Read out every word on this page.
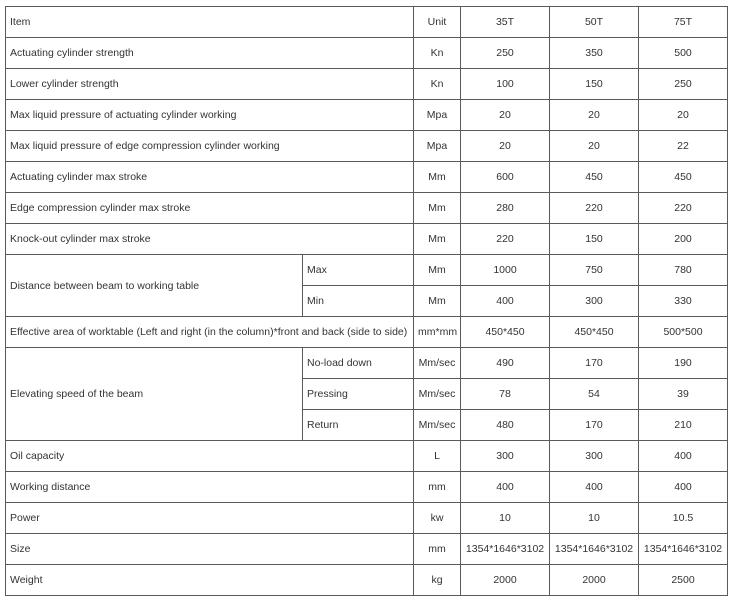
Item		Unit	35T	50T	75T
Actuating cylinder strength		Kn	250	350	500
Lower cylinder strength		Kn	100	150	250
Max liquid pressure of actuating cylinder working		Mpa	20	20	20
Max liquid pressure of edge compression cylinder working		Mpa	20	20	22
Actuating cylinder max stroke		Mm	600	450	450
Edge compression cylinder max stroke		Mm	280	220	220
Knock-out cylinder max stroke		Mm	220	150	200
Distance between beam to working table	Max	Mm	1000	750	780
	Min	Mm	400	300	330
Effective area of worktable (Left and right (in the column)*front and back (side to side)		mm*mm	450*450	450*450	500*500
Elevating speed of the beam	No-load down	Mm/sec	490	170	190
	Pressing	Mm/sec	78	54	39
	Return	Mm/sec	480	170	210
Oil capacity		L	300	300	400
Working distance		mm	400	400	400
Power		kw	10	10	10.5
Size		mm	1354*1646*3102	1354*1646*3102	1354*1646*3102
Weight		kg	2000	2000	2500
